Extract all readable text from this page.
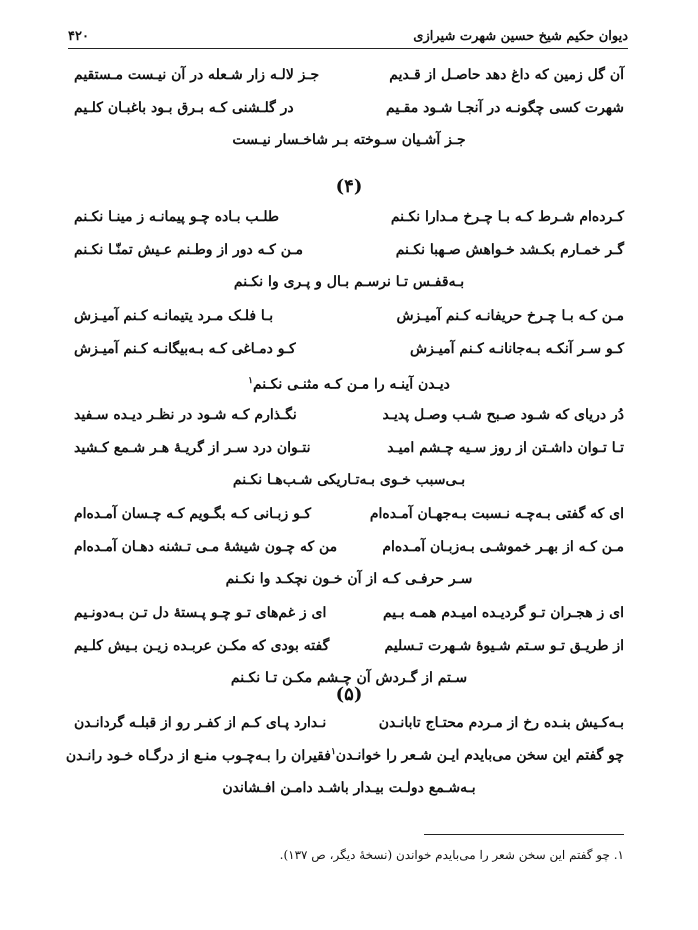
دیوان حکیم شیخ حسین شهرت شیرازی
۴۲۰
آن گل زمین که داغ دهد حاصـل از قـدیم
جـز لالـه زار شـعله در آن نیـست مـستقیم
شهرت کسی چگونـه در آنجـا شـود مقـیم
در گلـشنی کـه بـرق بـود باغبـان کلـیم
جـز آشـیان سـوخته بـر شاخـسار نیـست
(۴)
کـرده‌ام شـرط کـه بـا چـرخ مـدارا نکـنم
طلـب بـاده چـو پیمانـه ز مینـا نکـنم
گـر خمـارم بکـشد خـواهش صـهبا نکـنم
مـن کـه دور از وطـنم عـیش تمنّـا نکـنم
بـه‌قفـس تـا نرسـم بـال و پـری وا نکـنم
مـن کـه بـا چـرخ حریفانـه کـنم آمیـزش
بـا فلـک مـرد یتیمانـه کـنم آمیـزش
کـو سـر آنکـه بـه‌جانانـه کـنم آمیـزش
کـو دمـاغی کـه بـه‌بیگانـه کـنم آمیـزش
دیـدن آینـه را مـن کـه مثنـی نکـنم$^۱$
دُر دریای که شـود صـبح شـب وصـل پدیـد
نگـذارم کـه شـود در نظـر دیـده سـفید
تـا تـوان داشـتن از روز سـیه چـشم امیـد
نتـوان درد سـر از گریـهٔ هـر شـمع کـشید
بـی‌سبب خـوی بـه‌تـاریکی شـب‌هـا نکـنم
ای که گفتی بـه‌چـه نـسبت بـه‌جهـان آمـده‌ام
کـو زبـانی کـه بگـویم کـه چـسان آمـده‌ام
مـن کـه از بهـر خموشـی بـه‌زبـان آمـده‌ام
من که چـون شیشهٔ مـی تـشنه دهـان آمـده‌ام
سـر حرفـی کـه از آن خـون نچکـد وا نکـنم
ای ز هجـران تـو گردیـده امیـدم همـه بـیم
ای ز غم‌های تـو چـو پـستهٔ دل تـن بـه‌دونـیم
از طریـق تـو سـتم شـیوهٔ شـهرت تـسلیم
گفته بودی که مکـن عربـده زیـن بـیش کلـیم
سـتم از گـردش آن چـشم مکـن تـا نکـنم
(۵)
بـه‌کـیش بنـده رخ از مـردم محتـاج تابانـدن
نـدارد پـای کـم از کفـر رو از قبلـه گردانـدن
چو گفتم این سخن می‌بایدم ایـن شـعر را خوانـدن$^۱$
فقیران را بـه‌چـوب منـع از درگـاه خـود رانـدن
بـه‌شـمع دولـت بیـدار باشـد دامـن افـشاندن
۱. چو گفتم این سخن شعر را می‌بایدم خواندن (نسخهٔ دیگر، ص ۱۳۷).
